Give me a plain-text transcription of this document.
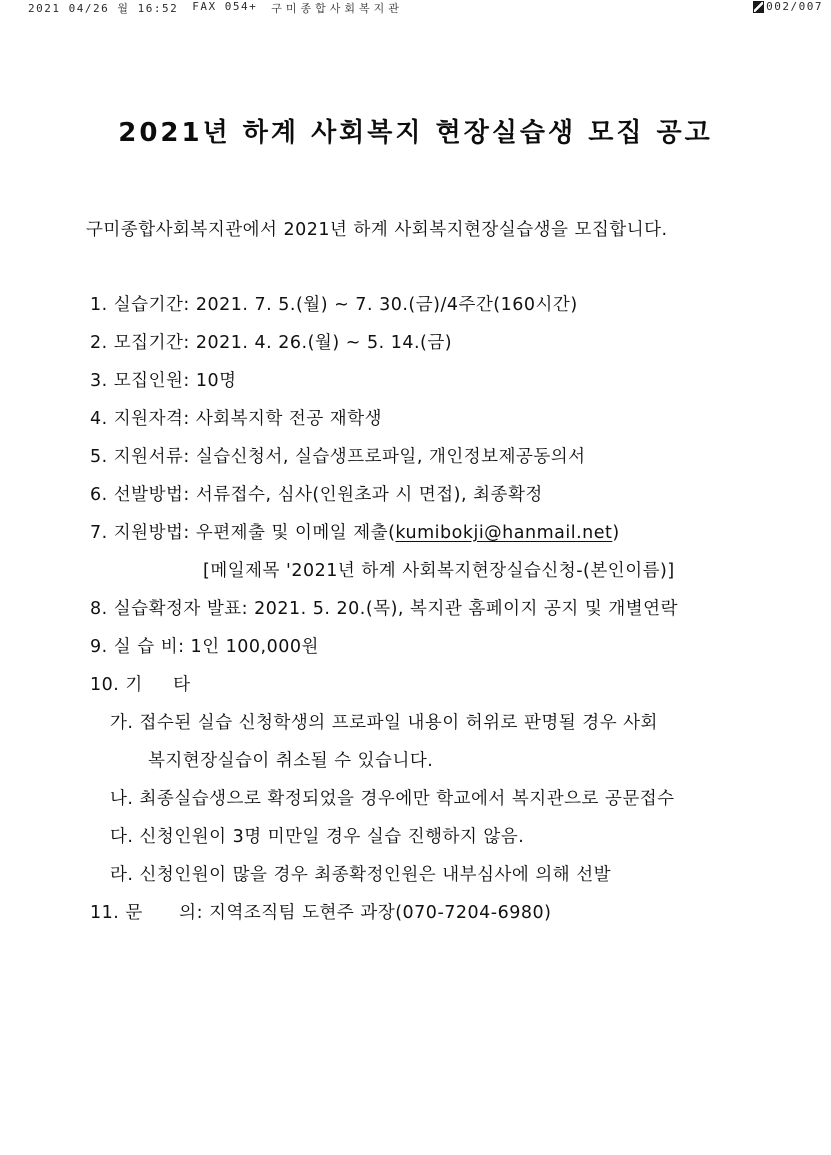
2021 04/26 월 16:52 FAX 054+ 구미종합사회복지관	002/007
2021년 하계 사회복지 현장실습생 모집 공고
구미종합사회복지관에서 2021년 하계 사회복지현장실습생을 모집합니다.
1. 실습기간: 2021. 7. 5.(월) ~ 7. 30.(금)/4주간(160시간)
2. 모집기간: 2021. 4. 26.(월) ~ 5. 14.(금)
3. 모집인원: 10명
4. 지원자격: 사회복지학 전공 재학생
5. 지원서류: 실습신청서, 실습생프로파일, 개인정보제공동의서
6. 선발방법: 서류접수, 심사(인원초과 시 면접), 최종확정
7. 지원방법: 우편제출 및 이메일 제출(kumibokji@hanmail.net)
[메일제목 '2021년 하계 사회복지현장실습신청-(본인이름)]
8. 실습확정자 발표: 2021. 5. 20.(목), 복지관 홈페이지 공지 및 개별연락
9. 실 습 비: 1인 100,000원
10. 기     타
가. 접수된 실습 신청학생의 프로파일 내용이 허위로 판명될 경우 사회
복지현장실습이 취소될 수 있습니다.
나. 최종실습생으로 확정되었을 경우에만 학교에서 복지관으로 공문접수
다. 신청인원이 3명 미만일 경우 실습 진행하지 않음.
라. 신청인원이 많을 경우 최종확정인원은 내부심사에 의해 선발
11. 문      의: 지역조직팀 도현주 과장(070-7204-6980)
